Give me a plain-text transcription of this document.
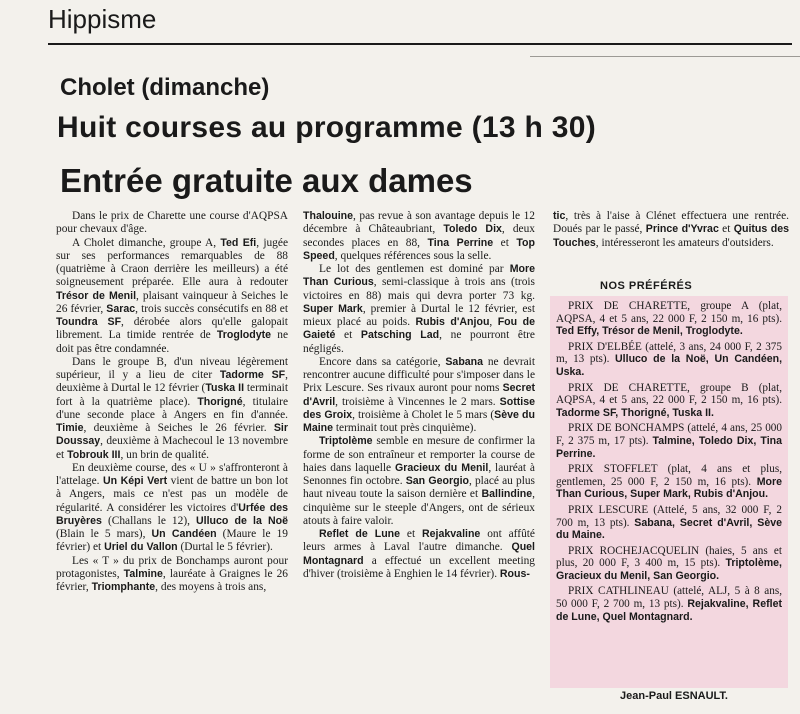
Hippisme
Cholet (dimanche)
Huit courses au programme (13 h 30)
Entrée gratuite aux dames

Dans le prix de Charette une course d'AQPSA pour chevaux d'âge.

A Cholet dimanche, groupe A, Ted Efi, jugée sur ses performances remarquables de 88 (quatrième à Craon derrière les meilleurs) a été soigneusement préparée. Elle aura à redouter Trésor de Menil, plaisant vainqueur à Seiches le 26 février, Sarac, trois succès consécutifs en 88 et Toundra SF, dérobée alors qu'elle galopait librement. La timide rentrée de Troglodyte ne doit pas être condamnée.

Dans le groupe B, d'un niveau légèrement supérieur, il y a lieu de citer Tadorme SF, deuxième à Durtal le 12 février (Tuska II terminait fort à la quatrième place). Thorigné, titulaire d'une seconde place à Angers en fin d'année. Timie, deuxième à Seiches le 26 février. Sir Doussay, deuxième à Machecoul le 13 novembre et Tobrouk III, un brin de qualité.

En deuxième course, des « U » s'affronteront à l'attelage. Un Képi Vert vient de battre un bon lot à Angers, mais ce n'est pas un modèle de régularité. A considérer les victoires d'Urfée des Bruyères (Challans le 12), Ulluco de la Noë (Blain le 5 mars), Un Candéen (Maure le 19 février) et Uriel du Vallon (Durtal le 5 février).

Les « T » du prix de Bonchamps auront pour protagonistes, Talmine, lauréate à Graignes le 26 février, Triomphante, des moyens à trois ans,

Thalouine, pas revue à son avantage depuis le 12 décembre à Châteaubriant, Toledo Dix, deux secondes places en 88, Tina Perrine et Top Speed, quelques références sous la selle.

Le lot des gentlemen est dominé par More Than Curious, semi-classique à trois ans (trois victoires en 88) mais qui devra porter 73 kg. Super Mark, premier à Durtal le 12 février, est mieux placé au poids. Rubis d'Anjou, Fou de Gaieté et Patsching Lad, ne pourront être négligés.

Encore dans sa catégorie, Sabana ne devrait rencontrer aucune difficulté pour s'imposer dans le Prix Lescure. Ses rivaux auront pour noms Secret d'Avril, troisième à Vincennes le 2 mars. Sottise des Groix, troisième à Cholet le 5 mars (Sève du Maine terminait tout près cinquième).

Triptolème semble en mesure de confirmer la forme de son entraîneur et remporter la course de haies dans laquelle Gracieux du Menil, lauréat à Senonnes fin octobre. San Georgio, placé au plus haut niveau toute la saison dernière et Ballindine, cinquième sur le steeple d'Angers, ont de sérieux atouts à faire valoir.

Reflet de Lune et Rejakvaline ont affûté leurs armes à Laval l'autre dimanche. Quel Montagnard a effectué un excellent meeting d'hiver (troisième à Enghien le 14 février). Rous-

tic, très à l'aise à Clénet effectuera une rentrée. Doués par le passé, Prince d'Yvrac et Quitus des Touches, intéresseront les amateurs d'outsiders.

NOS PRÉFÉRÉS

PRIX DE CHARETTE, groupe A (plat, AQPSA, 4 et 5 ans, 22 000 F, 2 150 m, 16 pts). Ted Effy, Trésor de Menil, Troglodyte.

PRIX D'ELBÉE (attelé, 3 ans, 24 000 F, 2 375 m, 13 pts). Ulluco de la Noë, Un Candéen, Uska.

PRIX DE CHARETTE, groupe B (plat, AQPSA, 4 et 5 ans, 22 000 F, 2 150 m, 16 pts). Tadorme SF, Thorigné, Tuska II.

PRIX DE BONCHAMPS (attelé, 4 ans, 25 000 F, 2 375 m, 17 pts). Talmine, Toledo Dix, Tina Perrine.

PRIX STOFFLET (plat, 4 ans et plus, gentlemen, 25 000 F, 2 150 m, 16 pts). More Than Curious, Super Mark, Rubis d'Anjou.

PRIX LESCURE (Attelé, 5 ans, 32 000 F, 2 700 m, 13 pts). Sabana, Secret d'Avril, Sève du Maine.

PRIX ROCHEJACQUELIN (haies, 5 ans et plus, 20 000 F, 3 400 m, 15 pts). Triptolème, Gracieux du Menil, San Georgio.

PRIX CATHLINEAU (attelé, ALJ, 5 à 8 ans, 50 000 F, 2 700 m, 13 pts). Rejakvaline, Reflet de Lune, Quel Montagnard.

Jean-Paul ESNAULT.
